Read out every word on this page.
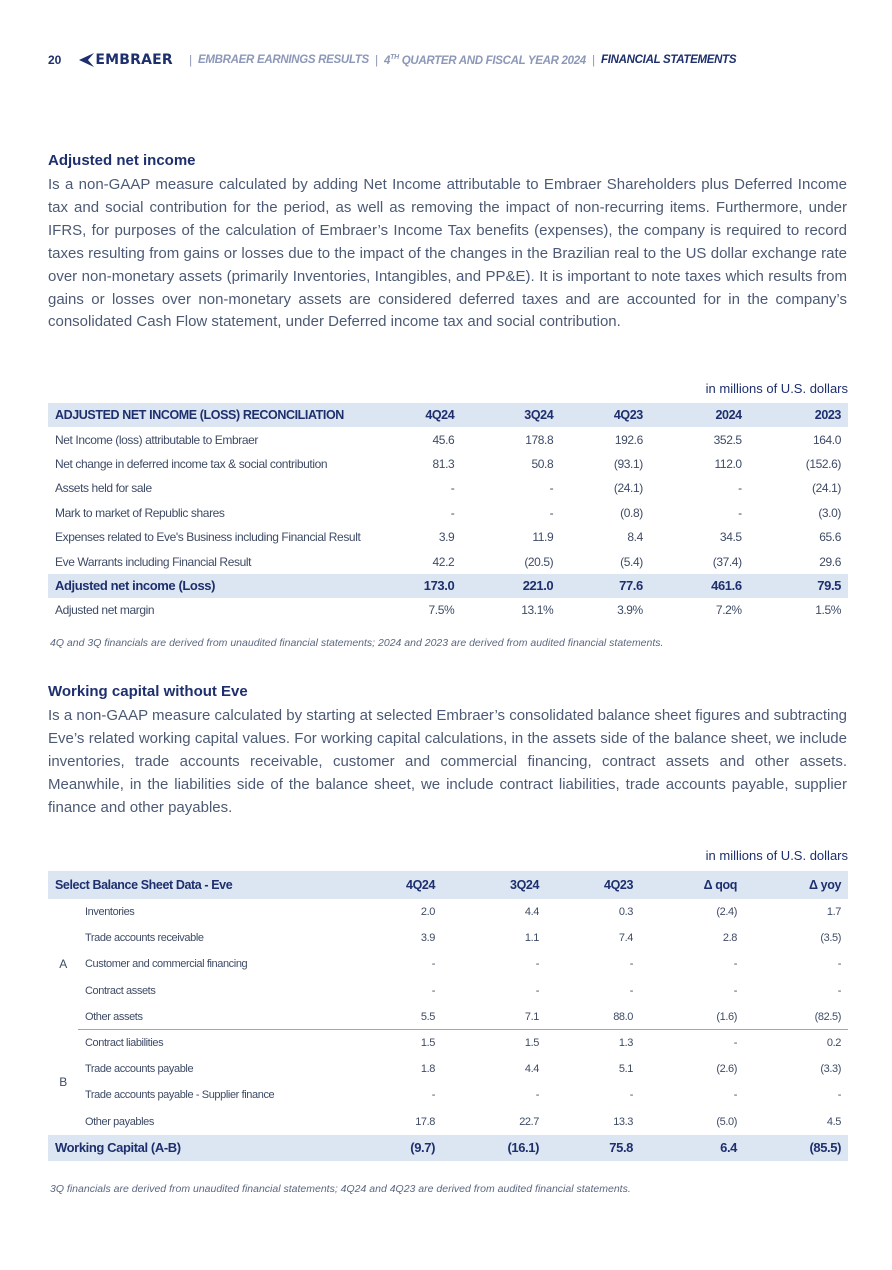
20 EMBRAER | EMBRAER EARNINGS RESULTS | 4TH QUARTER AND FISCAL YEAR 2024 | FINANCIAL STATEMENTS
Adjusted net income
Is a non-GAAP measure calculated by adding Net Income attributable to Embraer Shareholders plus Deferred Income tax and social contribution for the period, as well as removing the impact of non-recurring items. Furthermore, under IFRS, for purposes of the calculation of Embraer’s Income Tax benefits (expenses), the company is required to record taxes resulting from gains or losses due to the impact of the changes in the Brazilian real to the US dollar exchange rate over non-monetary assets (primarily Inventories, Intangibles, and PP&E). It is important to note taxes which results from gains or losses over non-monetary assets are considered deferred taxes and are accounted for in the company’s consolidated Cash Flow statement, under Deferred income tax and social contribution.
in millions of U.S. dollars
ADJUSTED NET INCOME (LOSS) RECONCILIATION	4Q24	3Q24	4Q23	2024	2023
Net Income (loss) attributable to Embraer	45.6	178.8	192.6	352.5	164.0
Net change in deferred income tax & social contribution	81.3	50.8	(93.1)	112.0	(152.6)
Assets held for sale	-	-	(24.1)	-	(24.1)
Mark to market of Republic shares	-	-	(0.8)	-	(3.0)
Expenses related to Eve's Business including Financial Result	3.9	11.9	8.4	34.5	65.6
Eve Warrants including Financial Result	42.2	(20.5)	(5.4)	(37.4)	29.6
Adjusted net income (Loss)	173.0	221.0	77.6	461.6	79.5
Adjusted net margin	7.5%	13.1%	3.9%	7.2%	1.5%
4Q and 3Q financials are derived from unaudited financial statements; 2024 and 2023 are derived from audited financial statements.
Working capital without Eve
Is a non-GAAP measure calculated by starting at selected Embraer’s consolidated balance sheet figures and subtracting Eve’s related working capital values. For working capital calculations, in the assets side of the balance sheet, we include inventories, trade accounts receivable, customer and commercial financing, contract assets and other assets. Meanwhile, in the liabilities side of the balance sheet, we include contract liabilities, trade accounts payable, supplier finance and other payables.
in millions of U.S. dollars
Select Balance Sheet Data - Eve		4Q24	3Q24	4Q23	Δ qoq	Δ yoy
A	Inventories	2.0	4.4	0.3	(2.4)	1.7
	Trade accounts receivable	3.9	1.1	7.4	2.8	(3.5)
	Customer and commercial financing	-	-	-	-	-
	Contract assets	-	-	-	-	-
	Other assets	5.5	7.1	88.0	(1.6)	(82.5)
B	Contract liabilities	1.5	1.5	1.3	-	0.2
	Trade accounts payable	1.8	4.4	5.1	(2.6)	(3.3)
	Trade accounts payable - Supplier finance	-	-	-	-	-
	Other payables	17.8	22.7	13.3	(5.0)	4.5
Working Capital (A-B)		(9.7)	(16.1)	75.8	6.4	(85.5)
3Q financials are derived from unaudited financial statements; 4Q24 and 4Q23 are derived from audited financial statements.
